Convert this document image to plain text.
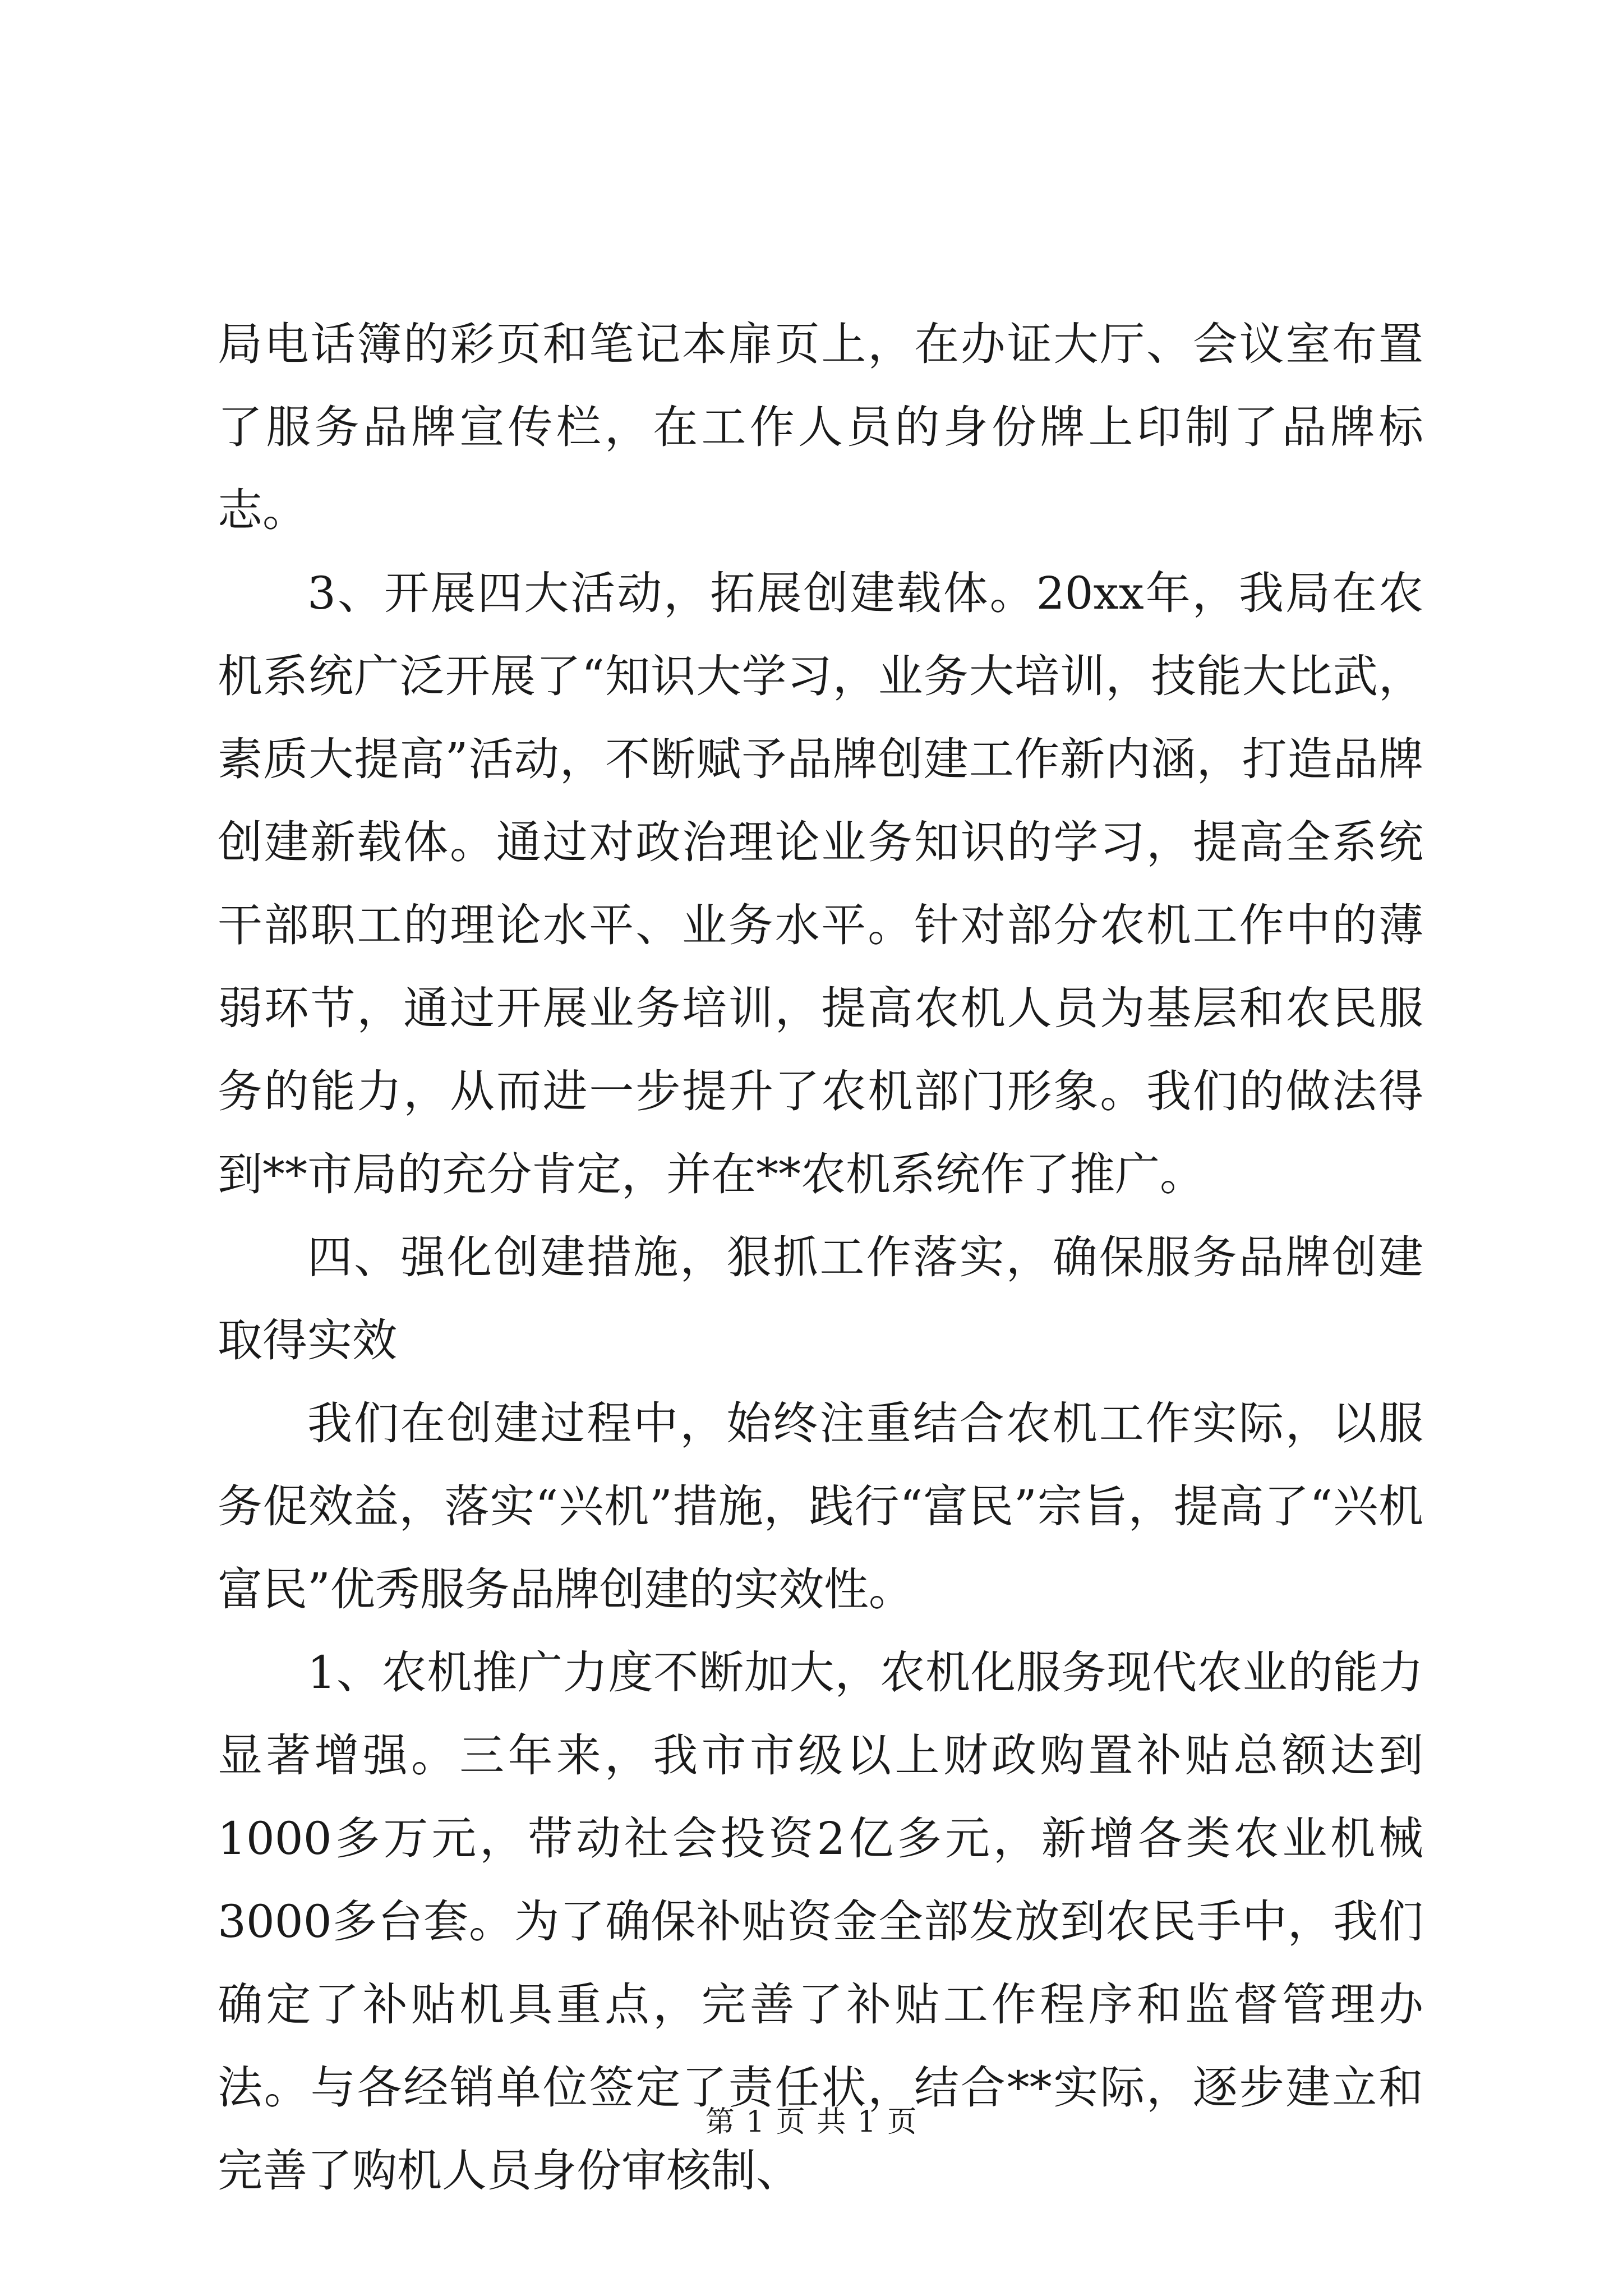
局电话簿的彩页和笔记本扉页上，在办证大厅、会议室布置了服务品牌宣传栏，在工作人员的身份牌上印制了品牌标志。

3、开展四大活动，拓展创建载体。20xx年，我局在农机系统广泛开展了“知识大学习，业务大培训，技能大比武，素质大提高”活动，不断赋予品牌创建工作新内涵，打造品牌创建新载体。通过对政治理论业务知识的学习，提高全系统干部职工的理论水平、业务水平。针对部分农机工作中的薄弱环节，通过开展业务培训，提高农机人员为基层和农民服务的能力，从而进一步提升了农机部门形象。我们的做法得到**市局的充分肯定，并在**农机系统作了推广。

四、强化创建措施，狠抓工作落实，确保服务品牌创建取得实效

我们在创建过程中，始终注重结合农机工作实际，以服务促效益，落实“兴机”措施，践行“富民”宗旨，提高了“兴机富民”优秀服务品牌创建的实效性。

1、农机推广力度不断加大，农机化服务现代农业的能力显著增强。三年来，我市市级以上财政购置补贴总额达到1000多万元，带动社会投资2亿多元，新增各类农业机械3000多台套。为了确保补贴资金全部发放到农民手中，我们确定了补贴机具重点，完善了补贴工作程序和监督管理办法。与各经销单位签定了责任状，结合**实际，逐步建立和完善了购机人员身份审核制、

第 1 页 共 1 页
